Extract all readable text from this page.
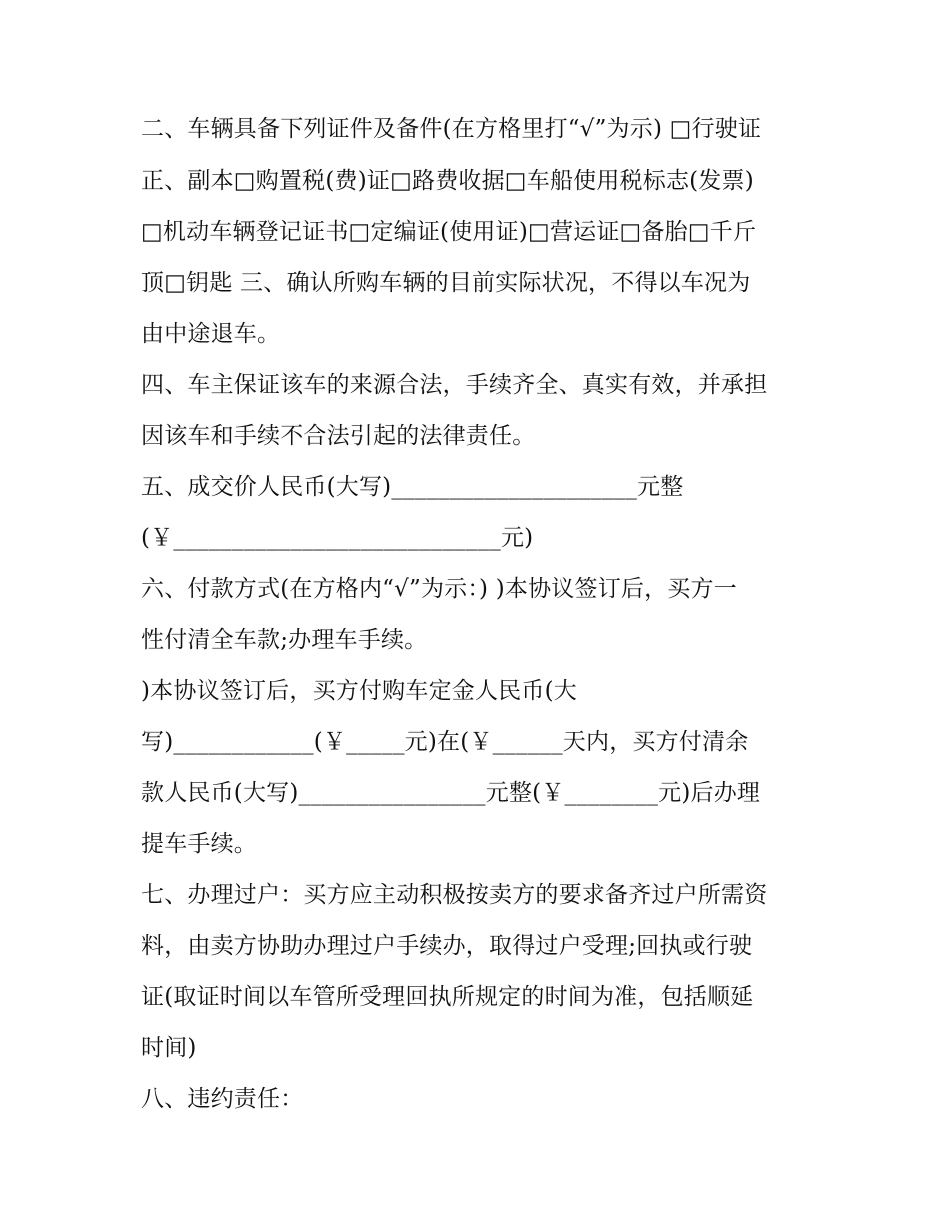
二、车辆具备下列证件及备件(在方格里打“√”为示) □行驶证
正、副本□购置税(费)证□路费收据□车船使用税标志(发票)
□机动车辆登记证书□定编证(使用证)□营运证□备胎□千斤
顶□钥匙 三、确认所购车辆的目前实际状况，不得以车况为
由中途退车。
四、车主保证该车的来源合法，手续齐全、真实有效，并承担
因该车和手续不合法引起的法律责任。
五、成交价人民币(大写)_____________________元整
(￥____________________________元)
六、付款方式(在方格内“√”为示：) )本协议签订后，买方一
性付清全车款;办理车手续。
)本协议签订后，买方付购车定金人民币(大
写)____________(￥_____元)在(￥______天内，买方付清余
款人民币(大写)________________元整(￥________元)后办理
提车手续。
七、办理过户：买方应主动积极按卖方的要求备齐过户所需资
料，由卖方协助办理过户手续办，取得过户受理;回执或行驶
证(取证时间以车管所受理回执所规定的时间为准，包括顺延
时间)
八、违约责任：
